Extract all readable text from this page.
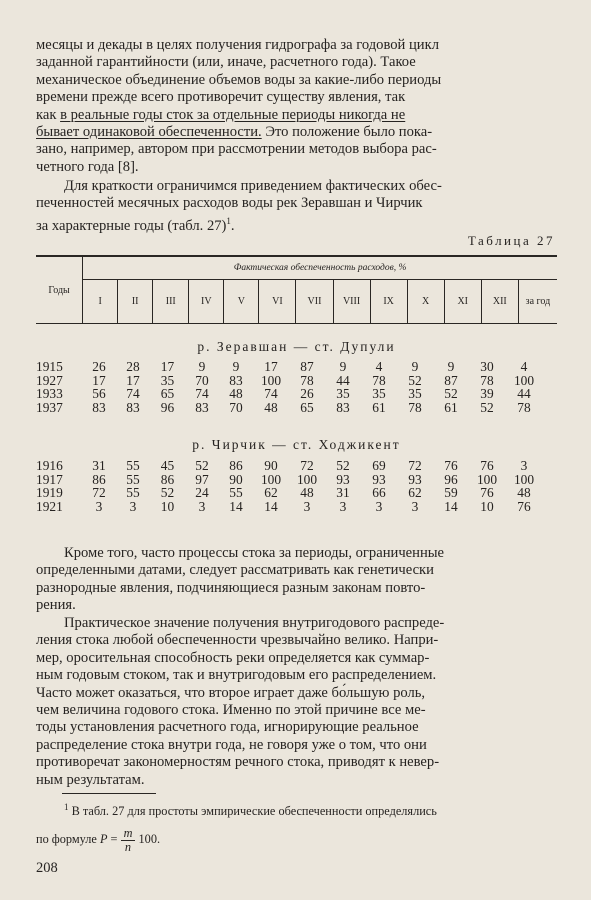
месяцы и декады в целях получения гидрографа за годовой цикл
заданной гарантийности (или, иначе, расчетного года). Такое
механическое объединение объемов воды за какие-либо периоды
времени прежде всего противоречит существу явления, так
как в реальные годы сток за отдельные периоды никогда не
бывает одинаковой обеспеченности. Это положение было пока-
зано, например, автором при рассмотрении методов выбора рас-
четного года [8].
Для краткости ограничимся приведением фактических обес-
печенностей месячных расходов воды рек Зеравшан и Чирчик
за характерные годы (табл. 27)$^1$.
Таблица 27
Годы	Фактическая обеспеченность расходов, %												
	I	II	III	IV	V	VI	VII	VIII	IX	X	XI	XII	за год
р. Зеравшан — ст. Дупули
1915	26	28	17	9	9	17	87	9	4	9	9	30	4
1927	17	17	35	70	83	100	78	44	78	52	87	78	100
1933	56	74	65	74	48	74	26	35	35	35	52	39	44
1937	83	83	96	83	70	48	65	83	61	78	61	52	78
р. Чирчик — ст. Ходжикент
1916	31	55	45	52	86	90	72	52	69	72	76	76	3
1917	86	55	86	97	90	100	100	93	93	93	96	100	100
1919	72	55	52	24	55	62	48	31	66	62	59	76	48
1921	3	3	10	3	14	14	3	3	3	3	14	10	76
Кроме того, часто процессы стока за периоды, ограниченные
определенными датами, следует рассматривать как генетически
разнородные явления, подчиняющиеся разным законам повто-
рения.
Практическое значение получения внутригодового распреде-
ления стока любой обеспеченности чрезвычайно велико. Напри-
мер, оросительная способность реки определяется как суммар-
ным годовым стоком, так и внутригодовым его распределением.
Часто может оказаться, что второе играет даже бо́льшую роль,
чем величина годового стока. Именно по этой причине все ме-
тоды установления расчетного года, игнорирующие реальное
распределение стока внутри года, не говоря уже о том, что они
противоречат закономерностям речного стока, приводят к невер-
ным результатам.
$^1$ В табл. 27 для простоты эмпирические обеспеченности определялись
по формуле $P = \frac{m}{n} 100$.
208
